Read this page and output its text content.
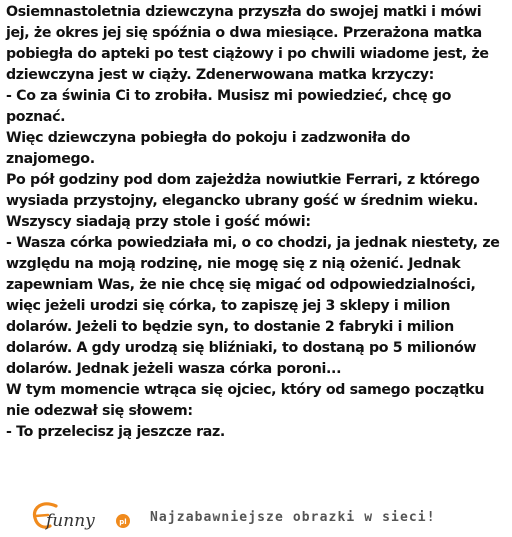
Osiemnastoletnia dziewczyna przyszła do swojej matki i mówi
jej, że okres jej się spóźnia o dwa miesiące. Przerażona matka
pobiegła do apteki po test ciążowy i po chwili wiadome jest, że
dziewczyna jest w ciąży. Zdenerwowana matka krzyczy:
- Co za świnia Ci to zrobiła. Musisz mi powiedzieć, chcę go
poznać.
Więc dziewczyna pobiegła do pokoju i zadzwoniła do
znajomego.
Po pół godziny pod dom zajeżdża nowiutkie Ferrari, z którego
wysiada przystojny, elegancko ubrany gość w średnim wieku.
Wszyscy siadają przy stole i gość mówi:
- Wasza córka powiedziała mi, o co chodzi, ja jednak niestety, ze
względu na moją rodzinę, nie mogę się z nią ożenić. Jednak
zapewniam Was, że nie chcę się migać od odpowiedzialności,
więc jeżeli urodzi się córka, to zapiszę jej 3 sklepy i milion
dolarów. Jeżeli to będzie syn, to dostanie 2 fabryki i milion
dolarów. A gdy urodzą się bliźniaki, to dostaną po 5 milionów
dolarów. Jednak jeżeli wasza córka poroni...
W tym momencie wtrąca się ojciec, który od samego początku
nie odezwał się słowem:
- To przelecisz ją jeszcze raz.
funny	pl Najzabawniejsze obrazki w sieci!
